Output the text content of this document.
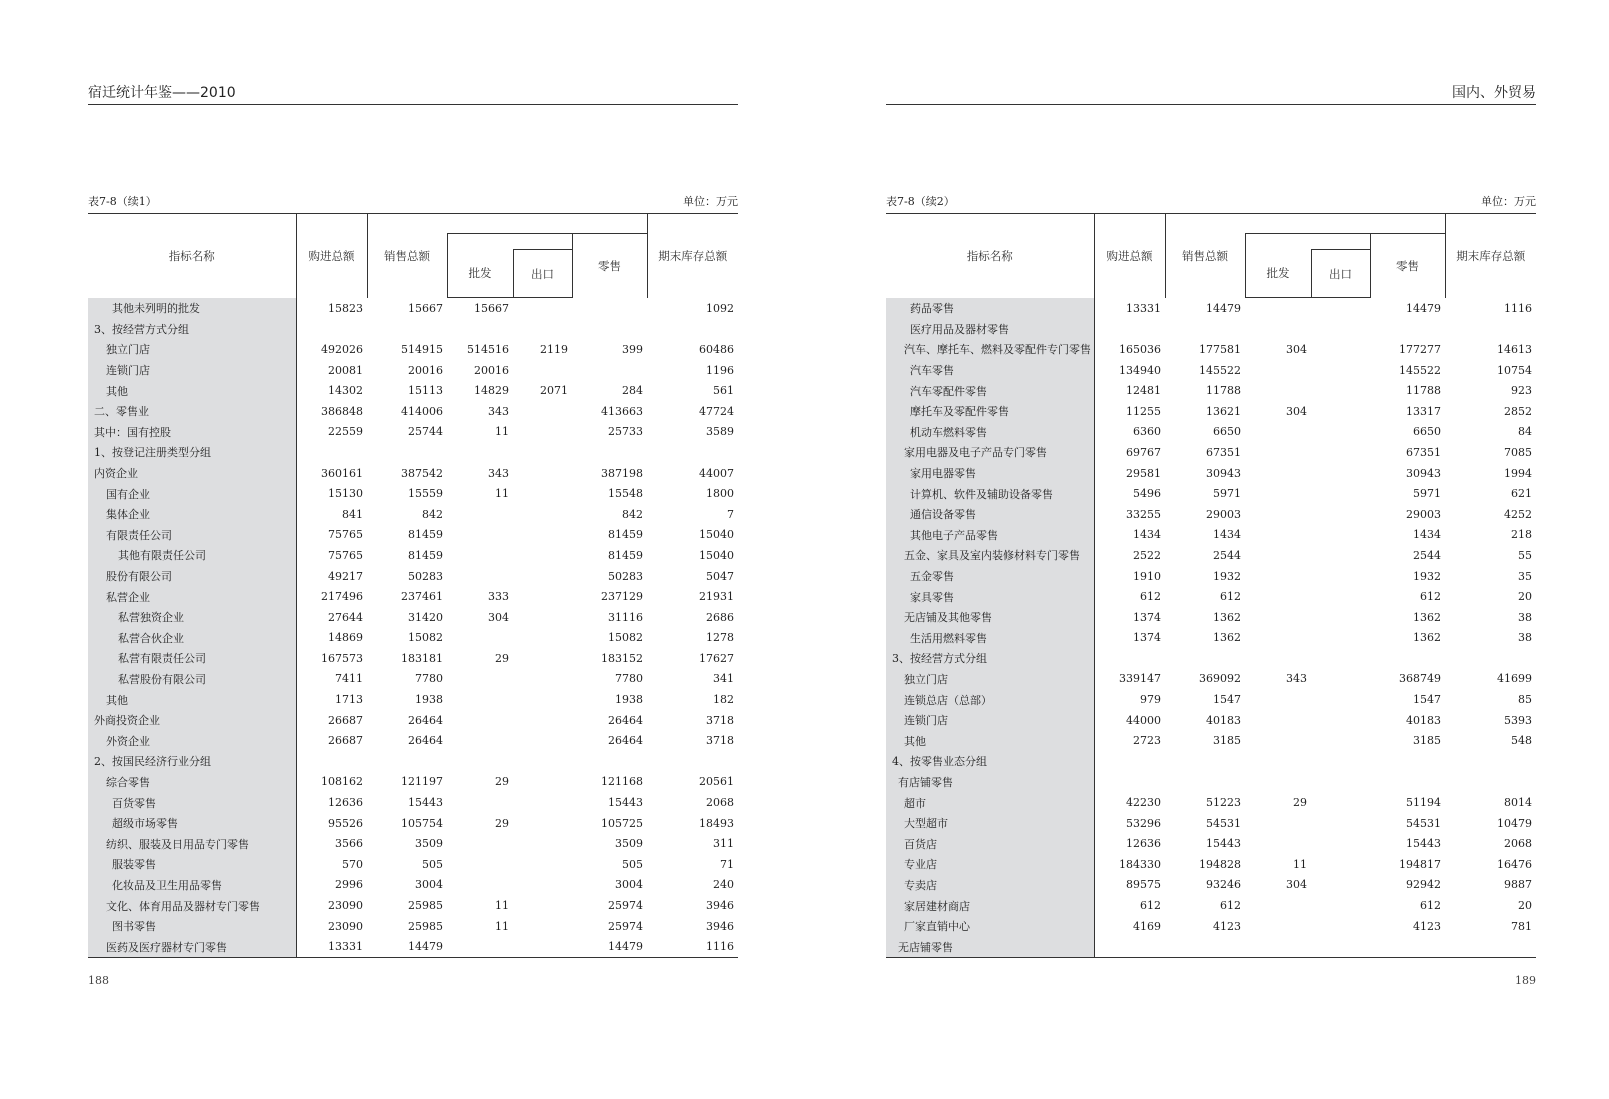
宿迁统计年鉴——2010
表7-8（续1）	单位：万元
指标名称	购进总额	销售总额				期末库存总额
					零售	
			批发	出口		
其他未列明的批发	15823	15667	15667			1092
3、按经营方式分组						
独立门店	492026	514915	514516	2119	399	60486
连锁门店	20081	20016	20016			1196
其他	14302	15113	14829	2071	284	561
二、零售业	386848	414006	343		413663	47724
其中：国有控股	22559	25744	11		25733	3589
1、按登记注册类型分组						
内资企业	360161	387542	343		387198	44007
国有企业	15130	15559	11		15548	1800
集体企业	841	842			842	7
有限责任公司	75765	81459			81459	15040
其他有限责任公司	75765	81459			81459	15040
股份有限公司	49217	50283			50283	5047
私营企业	217496	237461	333		237129	21931
私营独资企业	27644	31420	304		31116	2686
私营合伙企业	14869	15082			15082	1278
私营有限责任公司	167573	183181	29		183152	17627
私营股份有限公司	7411	7780			7780	341
其他	1713	1938			1938	182
外商投资企业	26687	26464			26464	3718
外资企业	26687	26464			26464	3718
2、按国民经济行业分组						
综合零售	108162	121197	29		121168	20561
百货零售	12636	15443			15443	2068
超级市场零售	95526	105754	29		105725	18493
纺织、服装及日用品专门零售	3566	3509			3509	311
服装零售	570	505			505	71
化妆品及卫生用品零售	2996	3004			3004	240
文化、体育用品及器材专门零售	23090	25985	11		25974	3946
图书零售	23090	25985	11		25974	3946
医药及医疗器材专门零售	13331	14479			14479	1116
188
国内、外贸易
表7-8（续2）	单位：万元
指标名称	购进总额	销售总额				期末库存总额
					零售	
			批发	出口		
药品零售	13331	14479			14479	1116
医疗用品及器材零售						
汽车、摩托车、燃料及零配件专门零售	165036	177581	304		177277	14613
汽车零售	134940	145522			145522	10754
汽车零配件零售	12481	11788			11788	923
摩托车及零配件零售	11255	13621	304		13317	2852
机动车燃料零售	6360	6650			6650	84
家用电器及电子产品专门零售	69767	67351			67351	7085
家用电器零售	29581	30943			30943	1994
计算机、软件及辅助设备零售	5496	5971			5971	621
通信设备零售	33255	29003			29003	4252
其他电子产品零售	1434	1434			1434	218
五金、家具及室内装修材料专门零售	2522	2544			2544	55
五金零售	1910	1932			1932	35
家具零售	612	612			612	20
无店铺及其他零售	1374	1362			1362	38
生活用燃料零售	1374	1362			1362	38
3、按经营方式分组						
独立门店	339147	369092	343		368749	41699
连锁总店（总部）	979	1547			1547	85
连锁门店	44000	40183			40183	5393
其他	2723	3185			3185	548
4、按零售业态分组						
有店铺零售						
超市	42230	51223	29		51194	8014
大型超市	53296	54531			54531	10479
百货店	12636	15443			15443	2068
专业店	184330	194828	11		194817	16476
专卖店	89575	93246	304		92942	9887
家居建材商店	612	612			612	20
厂家直销中心	4169	4123			4123	781
无店铺零售						
189
